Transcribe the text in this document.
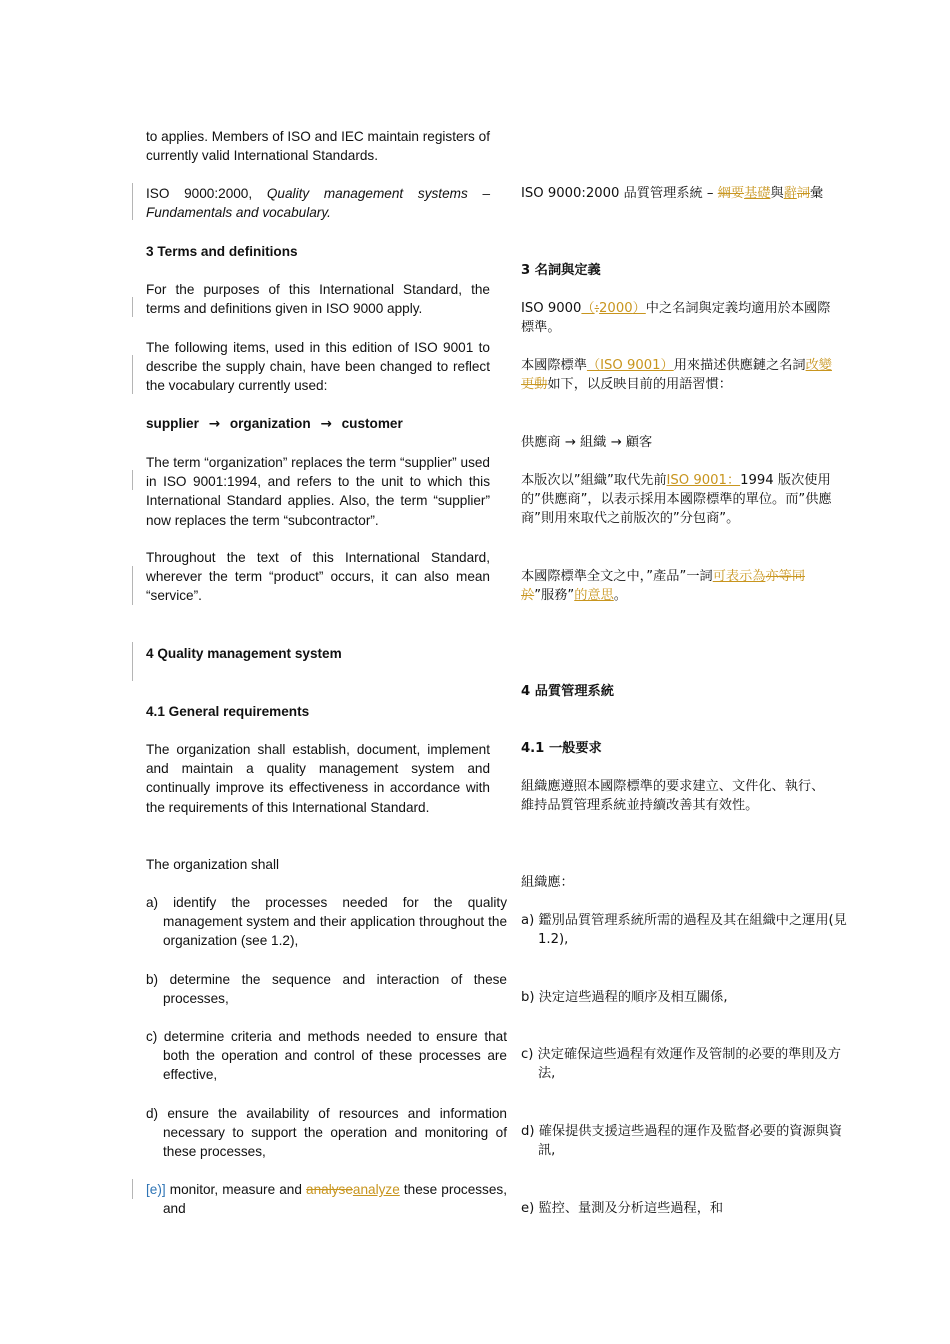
to applies. Members of ISO and IEC maintain registers of currently valid International Standards.
ISO 9000:2000, Quality management systems – Fundamentals and vocabulary.
3 Terms and definitions
For the purposes of this International Standard, the terms and definitions given in ISO 9000 apply.
The following items, used in this edition of ISO 9001 to describe the supply chain, have been changed to reflect the vocabulary currently used:
supplier → organization → customer
The term “organization” replaces the term “supplier” used in ISO 9001:1994, and refers to the unit to which this International Standard applies. Also, the term “supplier” now replaces the term “subcontractor”.
Throughout the text of this International Standard, wherever the term “product” occurs, it can also mean “service”.
4 Quality management system
4.1 General requirements
The organization shall establish, document, implement and maintain a quality management system and continually improve its effectiveness in accordance with the requirements of this International Standard.
The organization shall
a) identify the processes needed for the quality management system and their application throughout the organization (see 1.2),
b) determine the sequence and interaction of these processes,
c) determine criteria and methods needed to ensure that both the operation and control of these processes are effective,
d) ensure the availability of resources and information necessary to support the operation and monitoring of these processes,
[e)] monitor, measure and analyseanalyze these processes, and
ISO 9000:2000 品質管理系統 – 綱要基礎與辭詞彙
3 名詞與定義
ISO 9000（:2000）中之名詞與定義均適用於本國際標準。
本國際標準（ISO 9001）用來描述供應鏈之名詞改變更動如下，以反映目前的用語習慣：
供應商 → 組織 → 顧客
本版次以”組織”取代先前ISO 9001：1994 版次使用的”供應商”，以表示採用本國際標準的單位。而”供應商”則用來取代之前版次的”分包商”。
本國際標準全文之中，”產品”一詞可表示為亦等同於”服務”的意思。
4 品質管理系統
4.1 一般要求
組織應遵照本國際標準的要求建立、文件化、執行、維持品質管理系統並持續改善其有效性。
組織應：
a) 鑑別品質管理系統所需的過程及其在組織中之運用(見 1.2),
b) 決定這些過程的順序及相互關係,
c) 決定確保這些過程有效運作及管制的必要的準則及方法,
d) 確保提供支援這些過程的運作及監督必要的資源與資訊,
e) 監控、量測及分析這些過程，和
